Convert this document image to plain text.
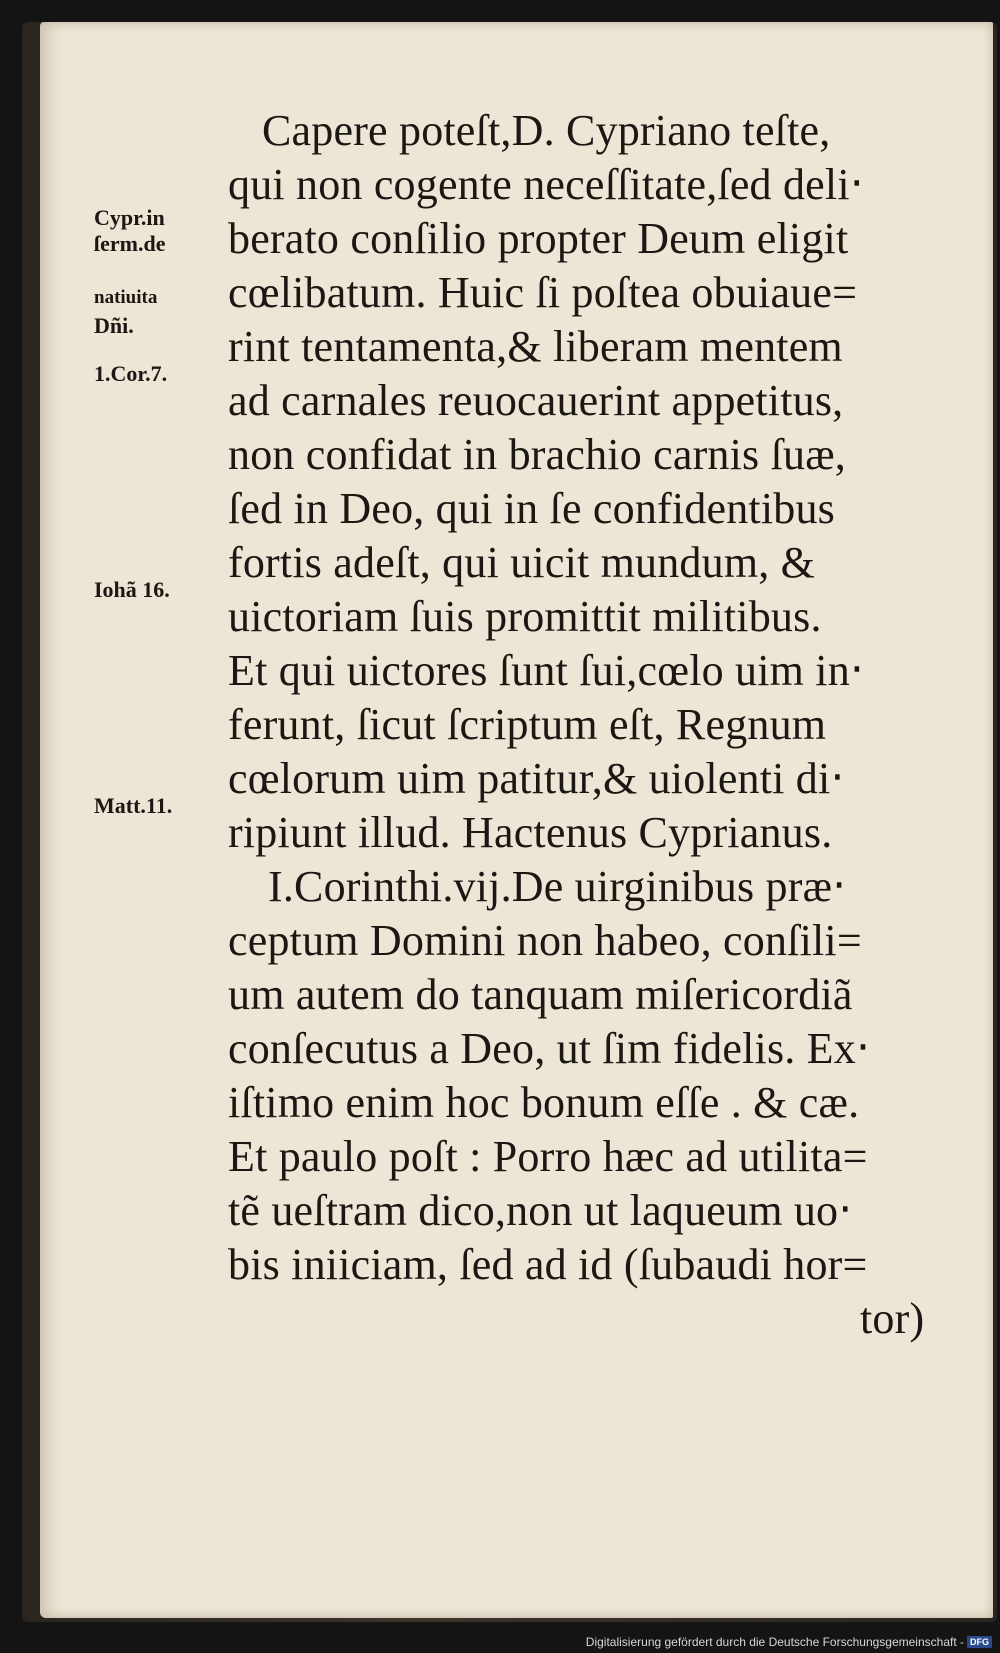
Capere poteſt,D. Cypriano teſte,
qui non cogente neceſſitate,ſed deli‧
berato conſilio propter Deum eligit
cœlibatum. Huic ſi poſtea obuiaue=
rint tentamenta,& liberam mentem
ad carnales reuocauerint appetitus,
non confidat in brachio carnis ſuæ,
ſed in Deo, qui in ſe confidentibus
fortis adeſt, qui uicit mundum, &
uictoriam ſuis promittit militibus.
Et qui uictores ſunt ſui,cœlo uim in‧
ferunt, ſicut ſcriptum eſt, Regnum
cœlorum uim patitur,& uiolenti di‧
ripiunt illud. Hactenus Cyprianus.
I.Corinthi.vij.De uirginibus præ‧
ceptum Domini non habeo, conſili=
um autem do tanquam miſericordiã
conſecutus a Deo, ut ſim fidelis. Ex‧
iſtimo enim hoc bonum eſſe . & cæ.
Et paulo poſt : Porro hæc ad utilita=
tẽ ueſtram dico,non ut laqueum uo‧
bis iniiciam, ſed ad id (ſubaudi hor=
tor)
Cypr.in
ſerm.de
natiuita
Dñi.
1.Cor.7.
Iohã 16.
Matt.11.
Digitalisierung gefördert durch die Deutsche Forschungsgemeinschaft - DFG
